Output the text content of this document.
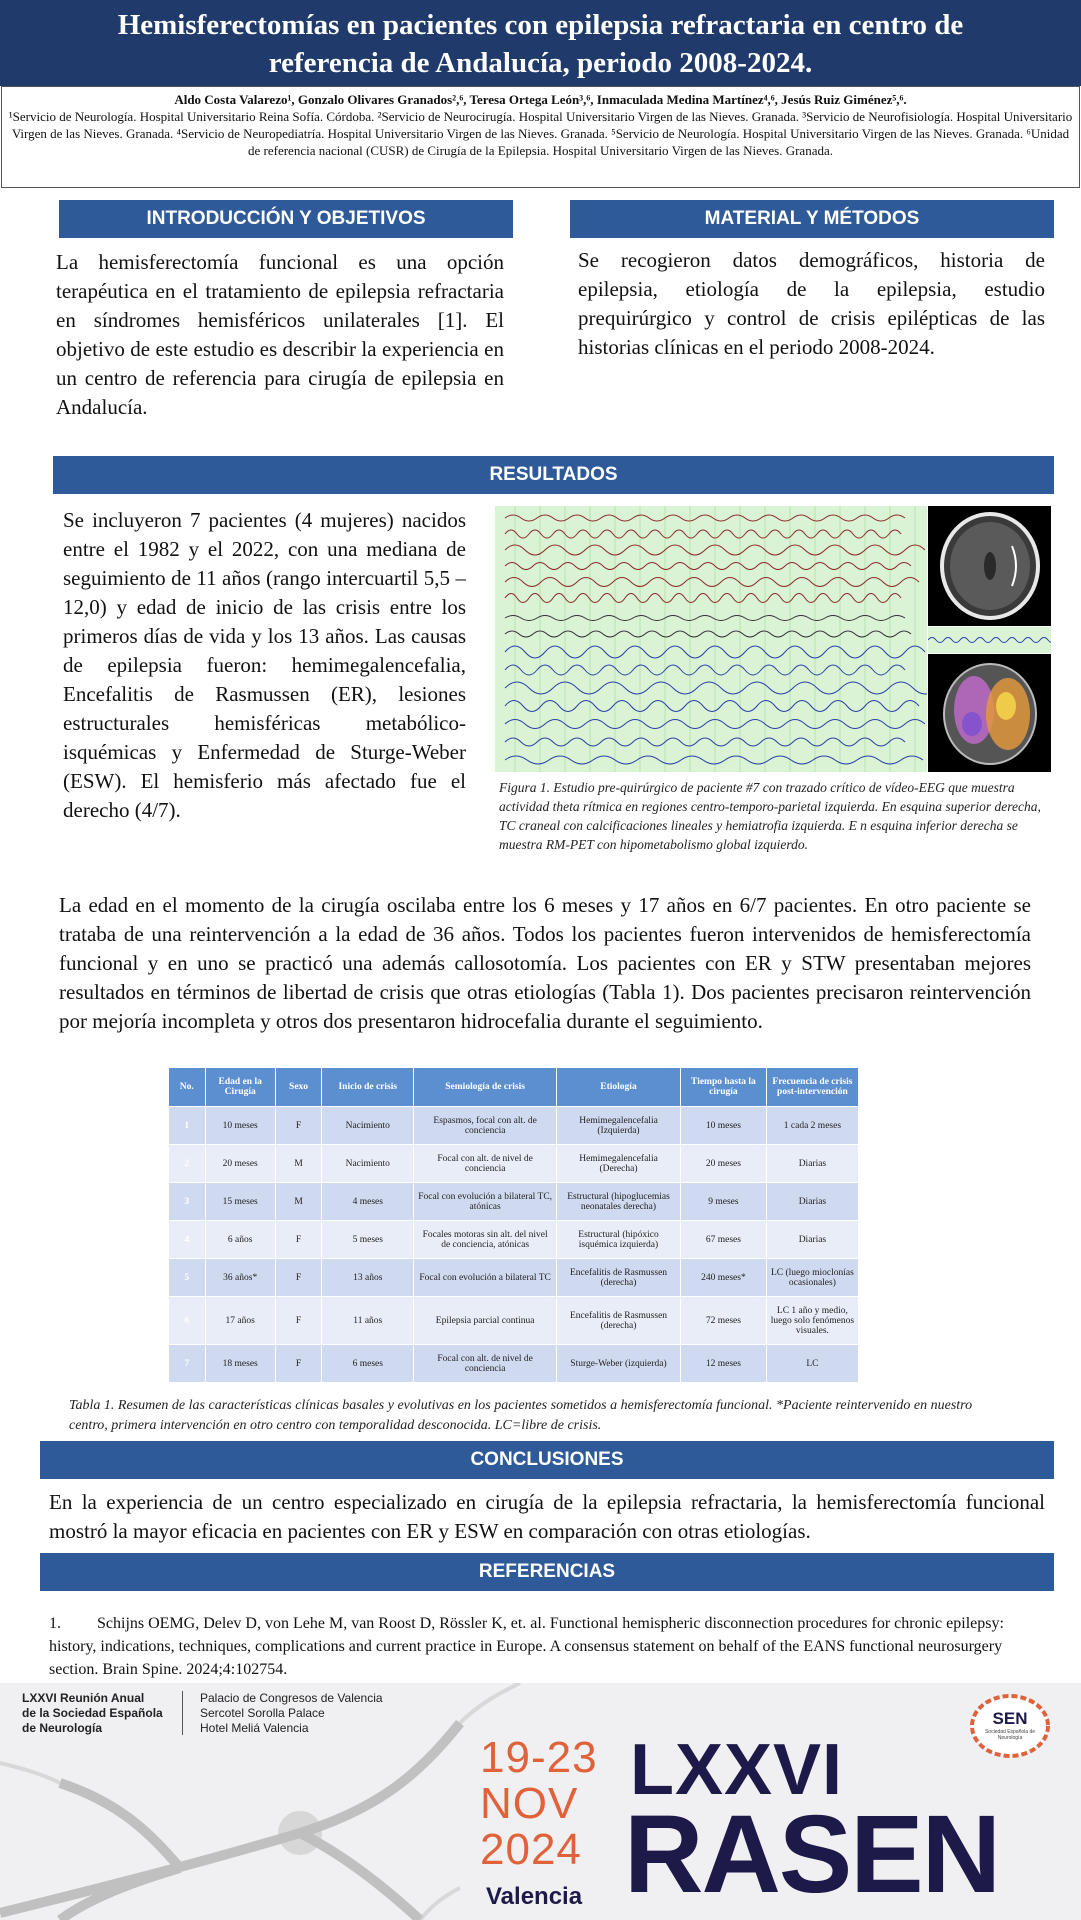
Hemisferectomías en pacientes con epilepsia refractaria en centro de
referencia de Andalucía, periodo 2008-2024.
Aldo Costa Valarezo¹, Gonzalo Olivares Granados²,⁶, Teresa Ortega León³,⁶, Inmaculada Medina Martínez⁴,⁶, Jesús Ruiz Giménez⁵,⁶.
¹Servicio de Neurología. Hospital Universitario Reina Sofía. Córdoba. ²Servicio de Neurocirugía. Hospital Universitario Virgen de las Nieves. Granada. ³Servicio de Neurofisiología. Hospital Universitario Virgen de las Nieves. Granada. ⁴Servicio de Neuropediatría. Hospital Universitario Virgen de las Nieves. Granada. ⁵Servicio de Neurología. Hospital Universitario Virgen de las Nieves. Granada. ⁶Unidad de referencia nacional (CUSR) de Cirugía de la Epilepsia. Hospital Universitario Virgen de las Nieves. Granada.
INTRODUCCIÓN Y OBJETIVOS
La hemisferectomía funcional es una opción terapéutica en el tratamiento de epilepsia refractaria en síndromes hemisféricos unilaterales [1]. El objetivo de este estudio es describir la experiencia en un centro de referencia para cirugía de epilepsia en Andalucía.
MATERIAL Y MÉTODOS
Se recogieron datos demográficos, historia de epilepsia, etiología de la epilepsia, estudio prequirúrgico y control de crisis epilépticas de las historias clínicas en el periodo 2008-2024.
RESULTADOS
Se incluyeron 7 pacientes (4 mujeres) nacidos entre el 1982 y el 2022, con una mediana de seguimiento de 11 años (rango intercuartil 5,5 – 12,0) y edad de inicio de las crisis entre los primeros días de vida y los 13 años. Las causas de epilepsia fueron: hemimegalencefalia, Encefalitis de Rasmussen (ER), lesiones estructurales hemisféricas metabólico-isquémicas y Enfermedad de Sturge-Weber (ESW). El hemisferio más afectado fue el derecho (4/7).
Figura 1. Estudio pre-quirúrgico de paciente #7 con trazado crítico de vídeo-EEG que muestra actividad theta rítmica en regiones centro-temporo-parietal izquierda. En esquina superior derecha, TC craneal con calcificaciones lineales y hemiatrofia izquierda. E n esquina inferior derecha se muestra RM-PET con hipometabolismo global izquierdo.
La edad en el momento de la cirugía oscilaba entre los 6 meses y 17 años en 6/7 pacientes. En otro paciente se trataba de una reintervención a la edad de 36 años. Todos los pacientes fueron intervenidos de hemisferectomía funcional y en uno se practicó una además callosotomía. Los pacientes con ER y STW presentaban mejores resultados en términos de libertad de crisis que otras etiologías (Tabla 1). Dos pacientes precisaron reintervención por mejoría incompleta y otros dos presentaron hidrocefalia durante el seguimiento.
No.	Edad en la Cirugía	Sexo	Inicio de crisis	Semiología de crisis	Etiología	Tiempo hasta la cirugía	Frecuencia de crisis post-intervención
1	10 meses	F	Nacimiento	Espasmos, focal con alt. de conciencia	Hemimegalencefalia (Izquierda)	10 meses	1 cada 2 meses
2	20 meses	M	Nacimiento	Focal con alt. de nivel de conciencia	Hemimegalencefalia (Derecha)	20 meses	Diarias
3	15 meses	M	4 meses	Focal con evolución a bilateral TC, atónicas	Estructural (hipoglucemias neonatales derecha)	9 meses	Diarias
4	6 años	F	5 meses	Focales motoras sin alt. del nivel de conciencia, atónicas	Estructural (hipóxico isquémica izquierda)	67 meses	Diarias
5	36 años*	F	13 años	Focal con evolución a bilateral TC	Encefalitis de Rasmussen (derecha)	240 meses*	LC (luego mioclonías ocasionales)
6	17 años	F	11 años	Epilepsia parcial continua	Encefalitis de Rasmussen (derecha)	72 meses	LC 1 año y medio, luego solo fenómenos visuales.
7	18 meses	F	6 meses	Focal con alt. de nivel de conciencia	Sturge-Weber (izquierda)	12 meses	LC
Tabla 1. Resumen de las características clínicas basales y evolutivas en los pacientes sometidos a hemisferectomía funcional. *Paciente reintervenido en nuestro centro, primera intervención en otro centro con temporalidad desconocida. LC=libre de crisis.
CONCLUSIONES
En la experiencia de un centro especializado en cirugía de la epilepsia refractaria, la hemisferectomía funcional mostró la mayor eficacia en pacientes con ER y ESW en comparación con otras etiologías.
REFERENCIAS
1. Schijns OEMG, Delev D, von Lehe M, van Roost D, Rössler K, et. al. Functional hemispheric disconnection procedures for chronic epilepsy: history, indications, techniques, complications and current practice in Europe. A consensus statement on behalf of the EANS functional neurosurgery section. Brain Spine. 2024;4:102754.
LXXVI Reunión Anual
de la Sociedad Española
de Neurología
Palacio de Congresos de Valencia
Sercotel Sorolla Palace
Hotel Meliá Valencia
19-23
NOV
2024
Valencia
LXXVI
RASEN
SEN
Sociedad Española de Neurología
